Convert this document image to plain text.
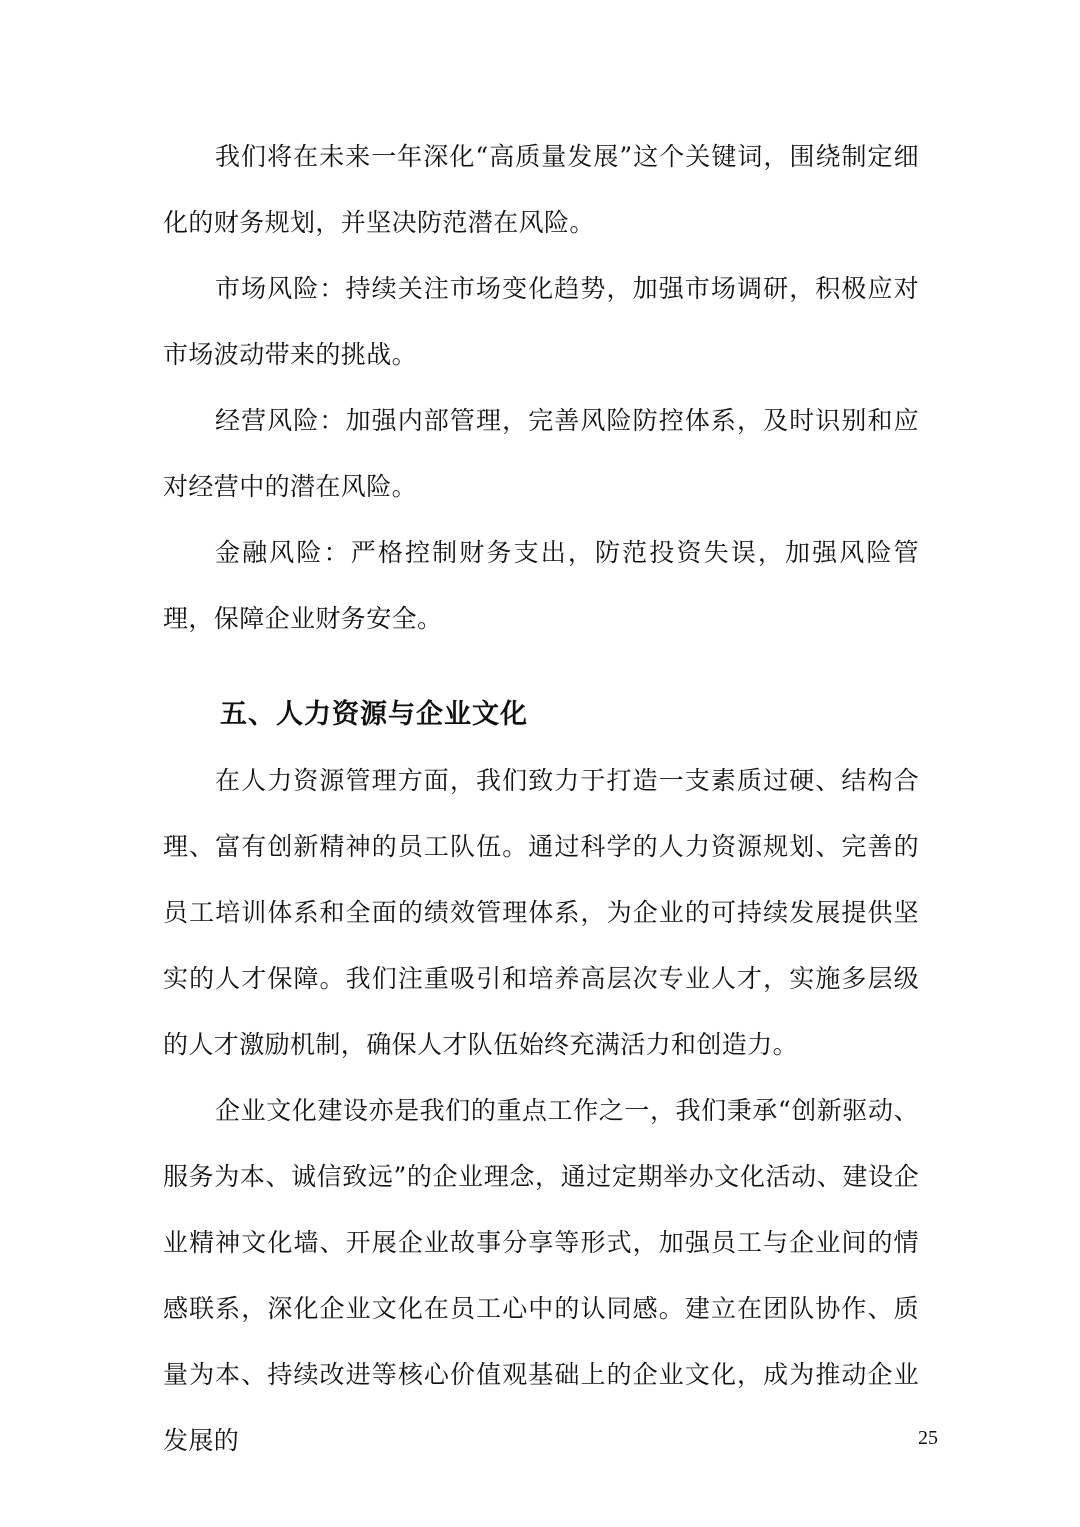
我们将在未来一年深化“高质量发展”这个关键词，围绕制定细化的财务规划，并坚决防范潜在风险。

市场风险：持续关注市场变化趋势，加强市场调研，积极应对市场波动带来的挑战。

经营风险：加强内部管理，完善风险防控体系，及时识别和应对经营中的潜在风险。

金融风险：严格控制财务支出，防范投资失误，加强风险管理，保障企业财务安全。

五、人力资源与企业文化

在人力资源管理方面，我们致力于打造一支素质过硬、结构合理、富有创新精神的员工队伍。通过科学的人力资源规划、完善的员工培训体系和全面的绩效管理体系，为企业的可持续发展提供坚实的人才保障。我们注重吸引和培养高层次专业人才，实施多层级的人才激励机制，确保人才队伍始终充满活力和创造力。

企业文化建设亦是我们的重点工作之一，我们秉承“创新驱动、服务为本、诚信致远”的企业理念，通过定期举办文化活动、建设企业精神文化墙、开展企业故事分享等形式，加强员工与企业间的情感联系，深化企业文化在员工心中的认同感。建立在团队协作、质量为本、持续改进等核心价值观基础上的企业文化，成为推动企业发展的	25
